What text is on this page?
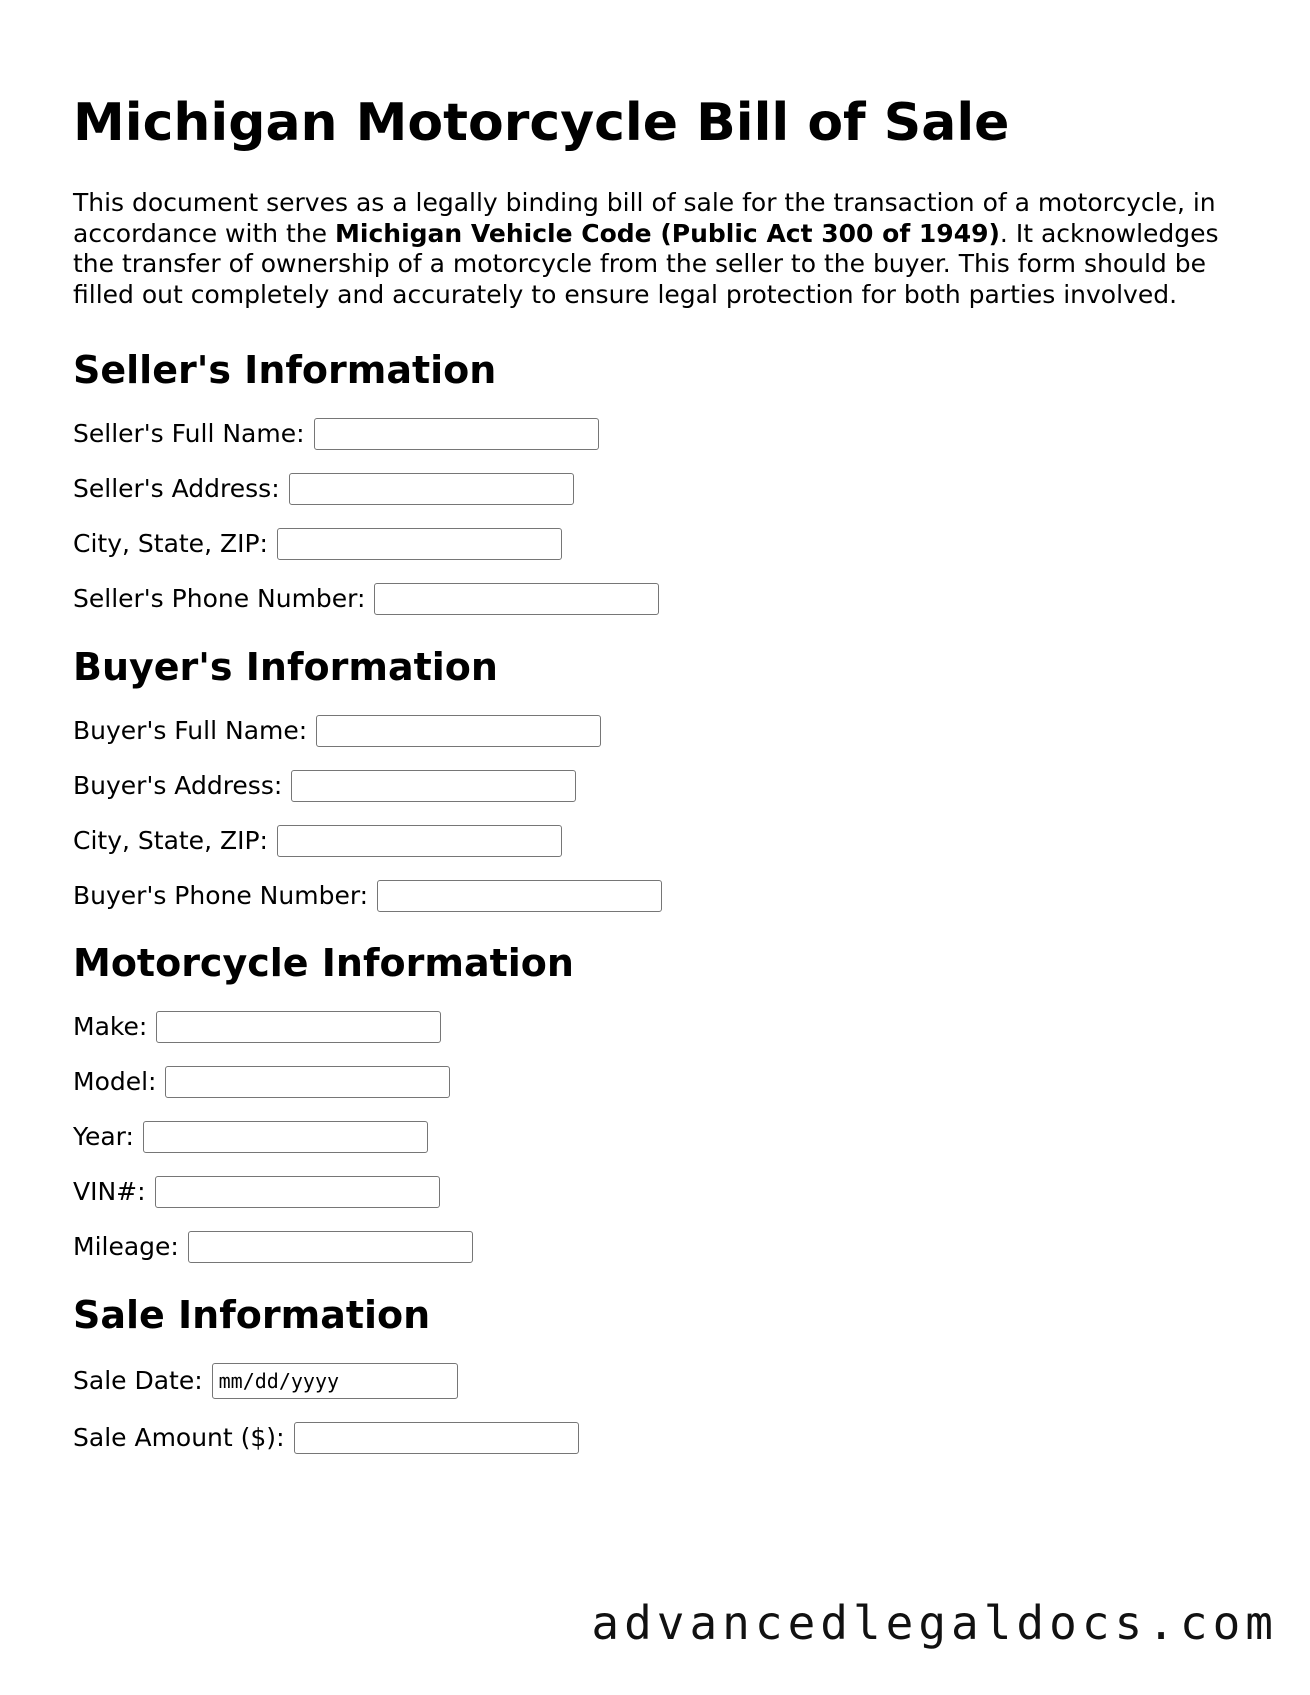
Michigan Motorcycle Bill of Sale

This document serves as a legally binding bill of sale for the transaction of a motorcycle, in accordance with the Michigan Vehicle Code (Public Act 300 of 1949). It acknowledges the transfer of ownership of a motorcycle from the seller to the buyer. This form should be filled out completely and accurately to ensure legal protection for both parties involved.

Seller's Information
Seller's Full Name:
Seller's Address:
City, State, ZIP:
Seller's Phone Number:
Buyer's Information
Buyer's Full Name:
Buyer's Address:
City, State, ZIP:
Buyer's Phone Number:
Motorcycle Information
Make:
Model:
Year:
VIN#:
Mileage:
Sale Information
Sale Date:
mm/dd/yyyy
Sale Amount ($):
advancedlegaldocs.com
